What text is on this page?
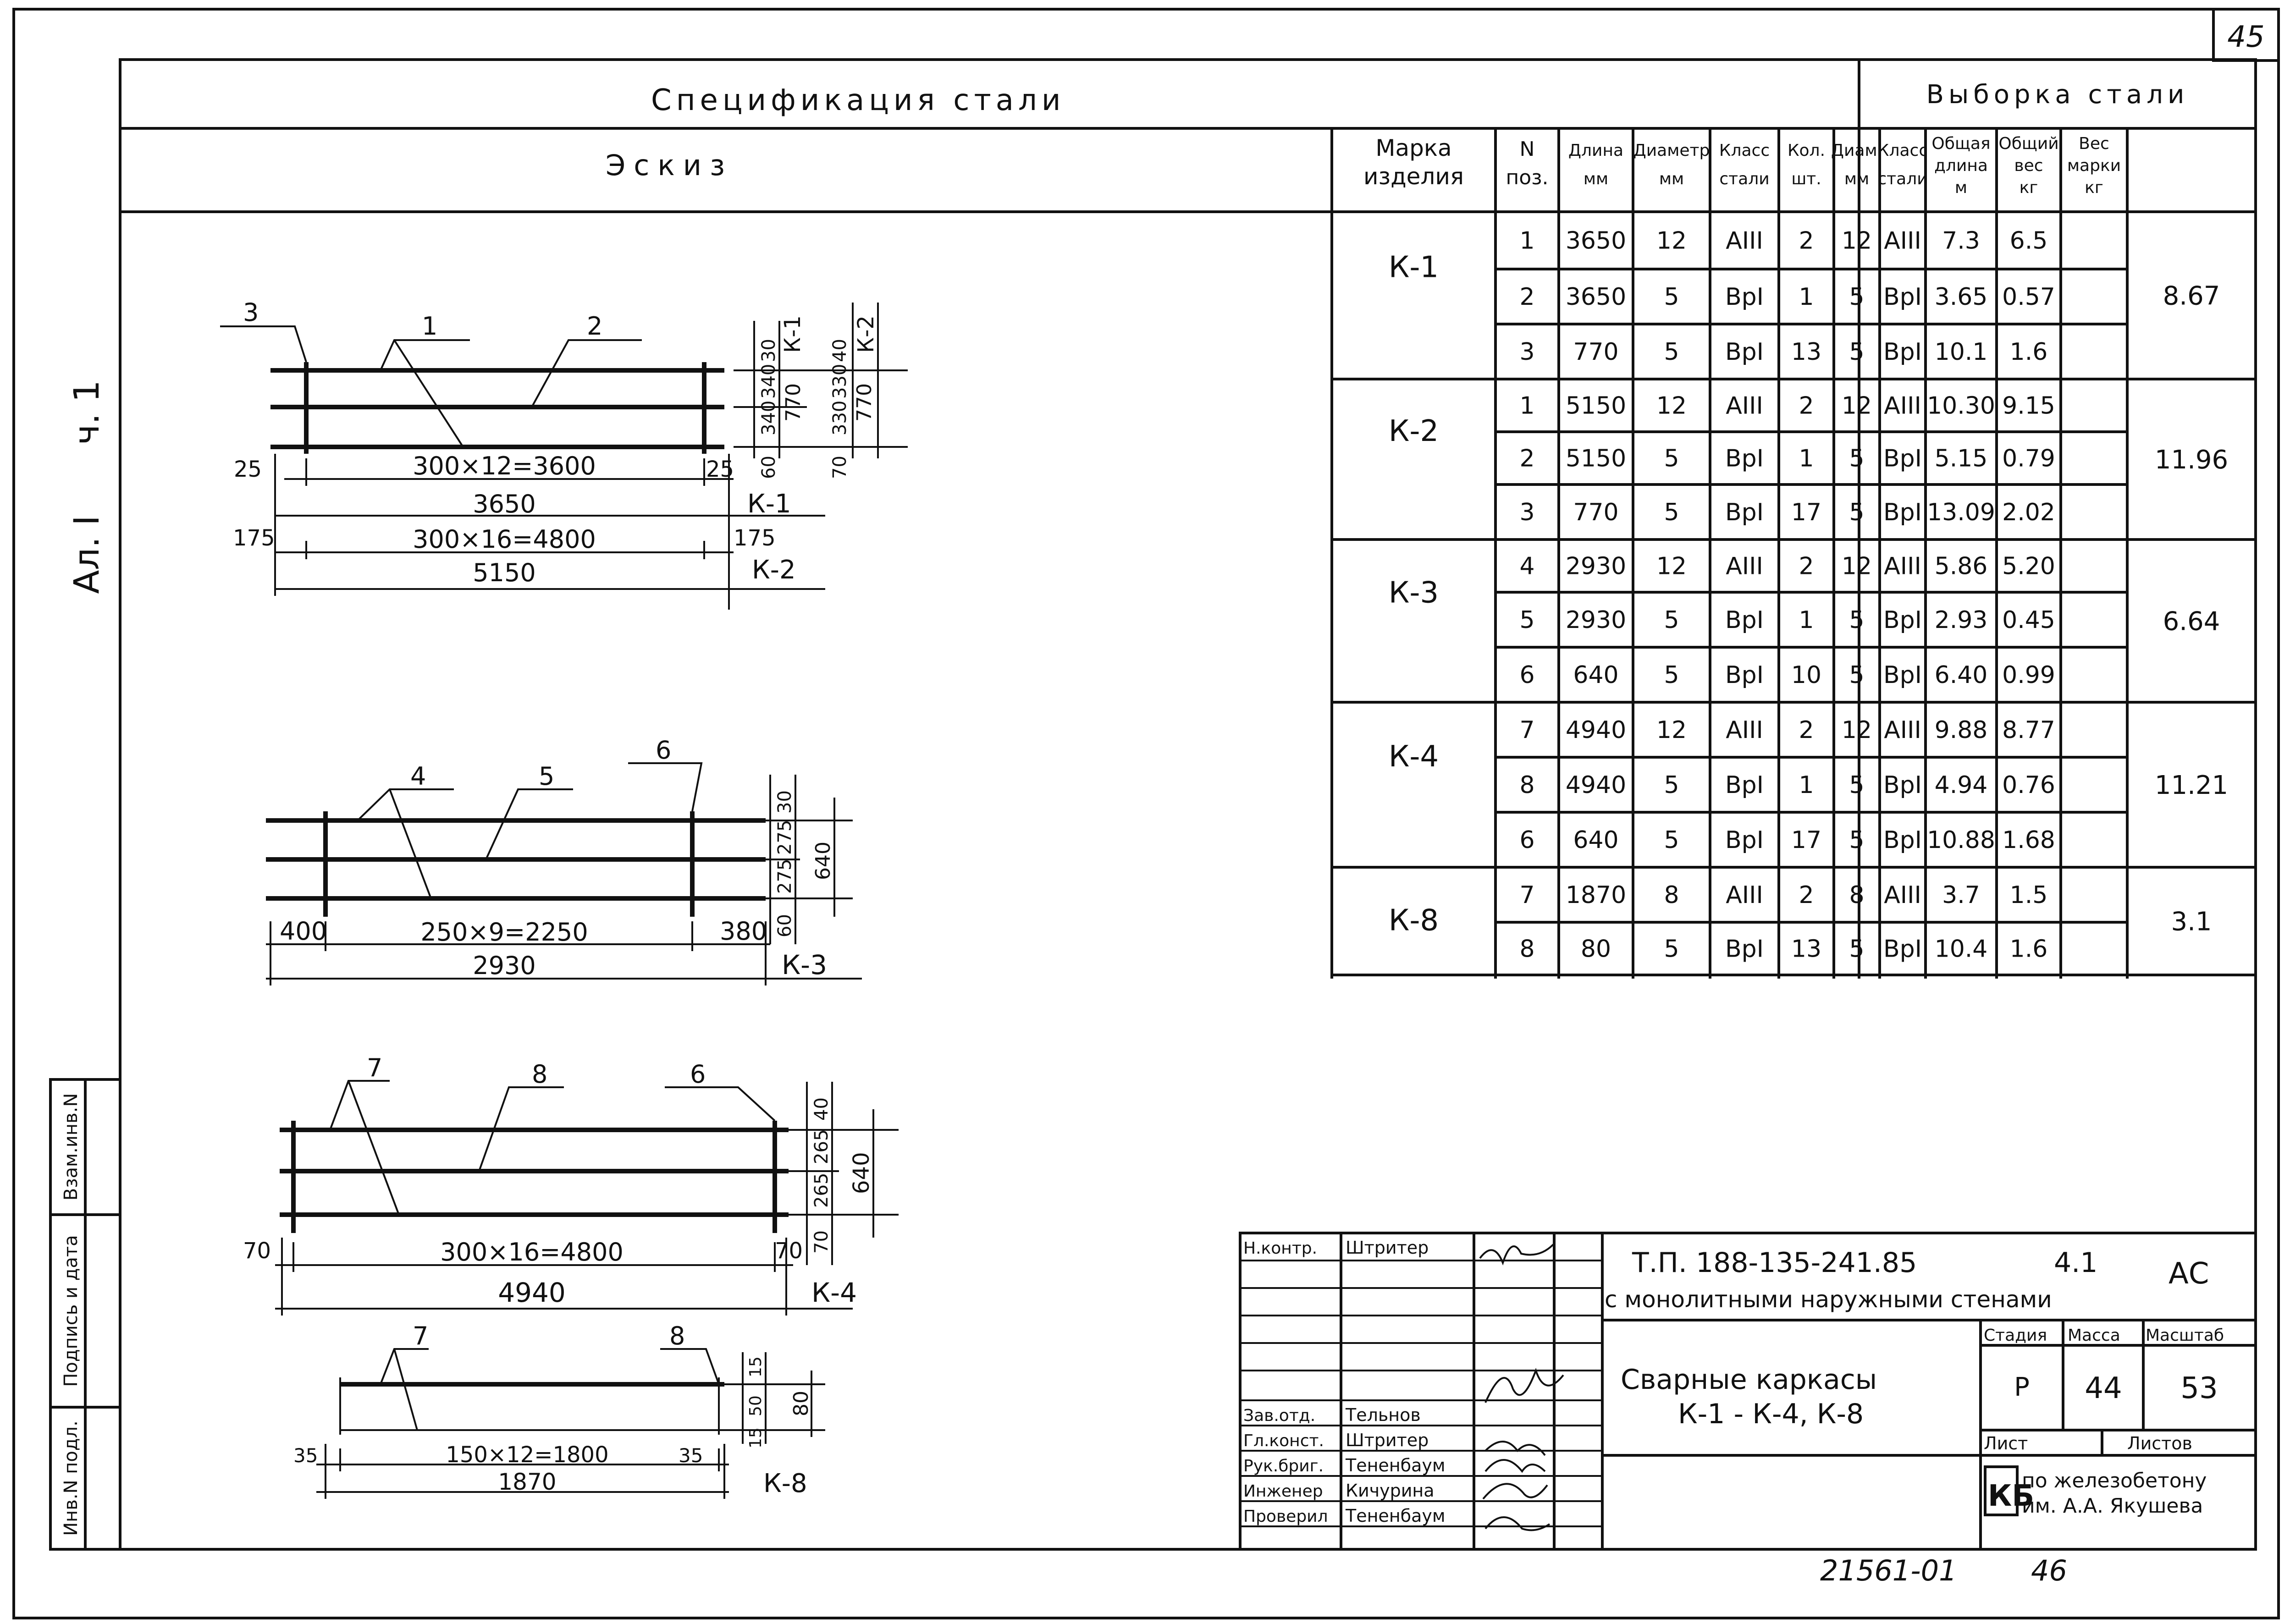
45
Ал. I
ч. 1
Спецификация стали	Выборка стали
Эскиз
Марка
изделия
N
поз.
Длина
мм
Диаметр
мм
Класс
стали
Кол.
шт.
Диам.
мм
Класс
стали
Общая
длина
м
Общий
вес
кг
Вес
марки
кг
К-1
8.67
1 3650 12 AIII 2 12 AIII 7.3 6.5
2 3650 5 ВрI 1 5 ВрI 3.65 0.57
3 770 5 ВрI 13 5 ВрI 10.1 1.6
К-2
11.96
1 5150 12 AIII 2 12 AIII 10.30 9.15
2 5150 5 ВрI 1 5 ВрI 5.15 0.79
3 770 5 ВрI 17 5 ВрI 13.09 2.02
К-3
6.64
4 2930 12 AIII 2 12 AIII 5.86 5.20
5 2930 5 ВрI 1 5 ВрI 2.93 0.45
6 640 5 ВрI 10 5 ВрI 6.40 0.99
К-4
11.21
7 4940 12 AIII 2 12 AIII 9.88 8.77
8 4940 5 ВрI 1 5 ВрI 4.94 0.76
6 640 5 ВрI 17 5 ВрI 10.88 1.68
К-8	3.1
7 1870 8 AIII 2 8 AIII 3.7 1.5
8 80 5 ВрI 13 5 ВрI 10.4 1.6
3	1	2
25	300×12=3600	25
3650
175	300×16=4800	175
5150
К-1
К-2
30
340
340
60
770
К-1 40
330
330
70
770
К-2
4	5
6
400	250×9=2250	380
2930	К-3
30
275
275
60
640
7	8	6
70	300×16=4800	70
4940	К-4
40
265
265
70
640
7	8
35	150×12=1800	35
1870	К-8
15
50
15
80
Взам.инв.N
Подпись и дата
Инв.N подл.
Н.контр. Штритер
Зав.отд. Тельнов
Гл.конст. Штритер
Рук.бриг. Тененбаум
Инженер Кичурина
Проверил Тененбаум
Т.П. 188-135-241.85	4.1 АС
с монолитными наружными стенами
Сварные каркасы
К-1 - К-4, К-8
Стадия Масса Масштаб
Р 44 53
Лист	Листов
КБ
по железобетону
им. А.А. Якушева
21561-01	46
